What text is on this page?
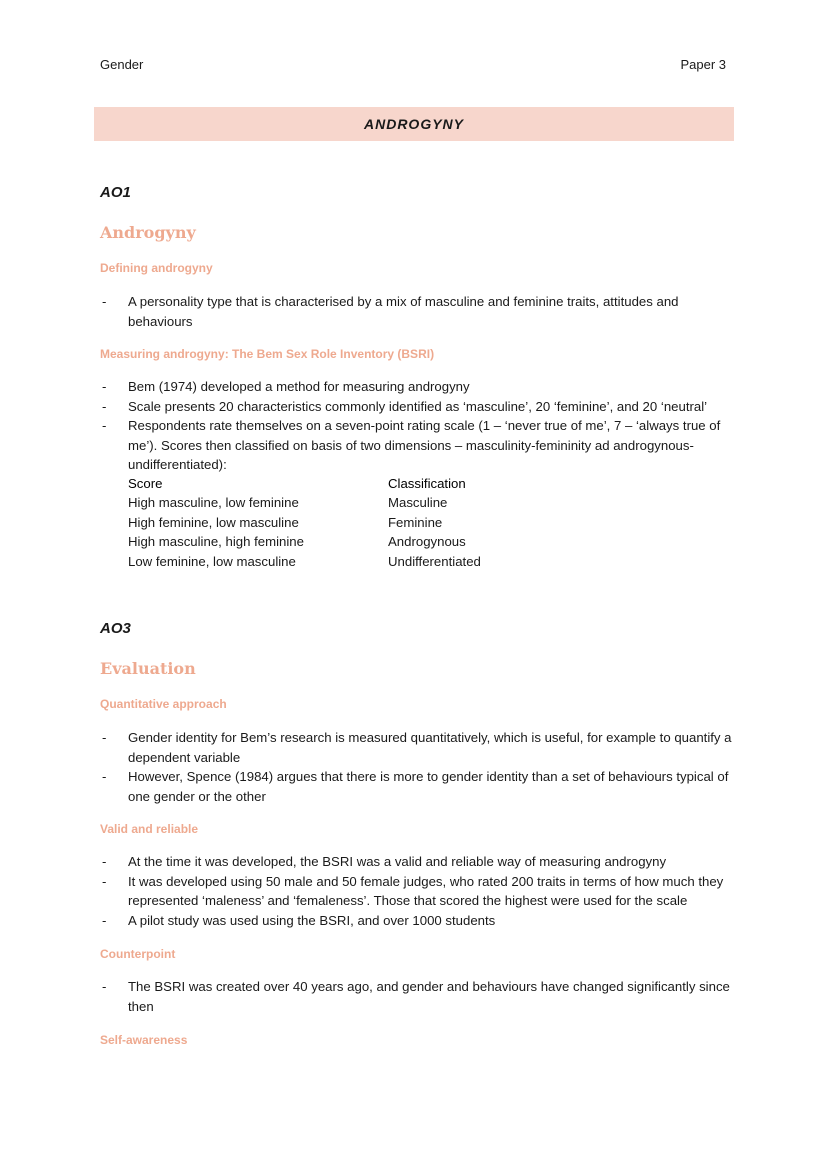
Gender	Paper 3
ANDROGYNY
AO1
Androgyny
Defining androgyny
- A personality type that is characterised by a mix of masculine and feminine traits, attitudes and behaviours
Measuring androgyny: The Bem Sex Role Inventory (BSRI)
- Bem (1974) developed a method for measuring androgyny
- Scale presents 20 characteristics commonly identified as ‘masculine’, 20 ‘feminine’, and 20 ‘neutral’
- Respondents rate themselves on a seven-point rating scale (1 – ‘never true of me’, 7 – ‘always true of me’). Scores then classified on basis of two dimensions – masculinity-femininity ad androgynous-undifferentiated):
Score	Classification
High masculine, low feminine	Masculine
High feminine, low masculine	Feminine
High masculine, high feminine	Androgynous
Low feminine, low masculine	Undifferentiated
AO3
Evaluation
Quantitative approach
- Gender identity for Bem’s research is measured quantitatively, which is useful, for example to quantify a dependent variable
- However, Spence (1984) argues that there is more to gender identity than a set of behaviours typical of one gender or the other
Valid and reliable
- At the time it was developed, the BSRI was a valid and reliable way of measuring androgyny
- It was developed using 50 male and 50 female judges, who rated 200 traits in terms of how much they represented ‘maleness’ and ‘femaleness’. Those that scored the highest were used for the scale
- A pilot study was used using the BSRI, and over 1000 students
Counterpoint
- The BSRI was created over 40 years ago, and gender and behaviours have changed significantly since then
Self-awareness
